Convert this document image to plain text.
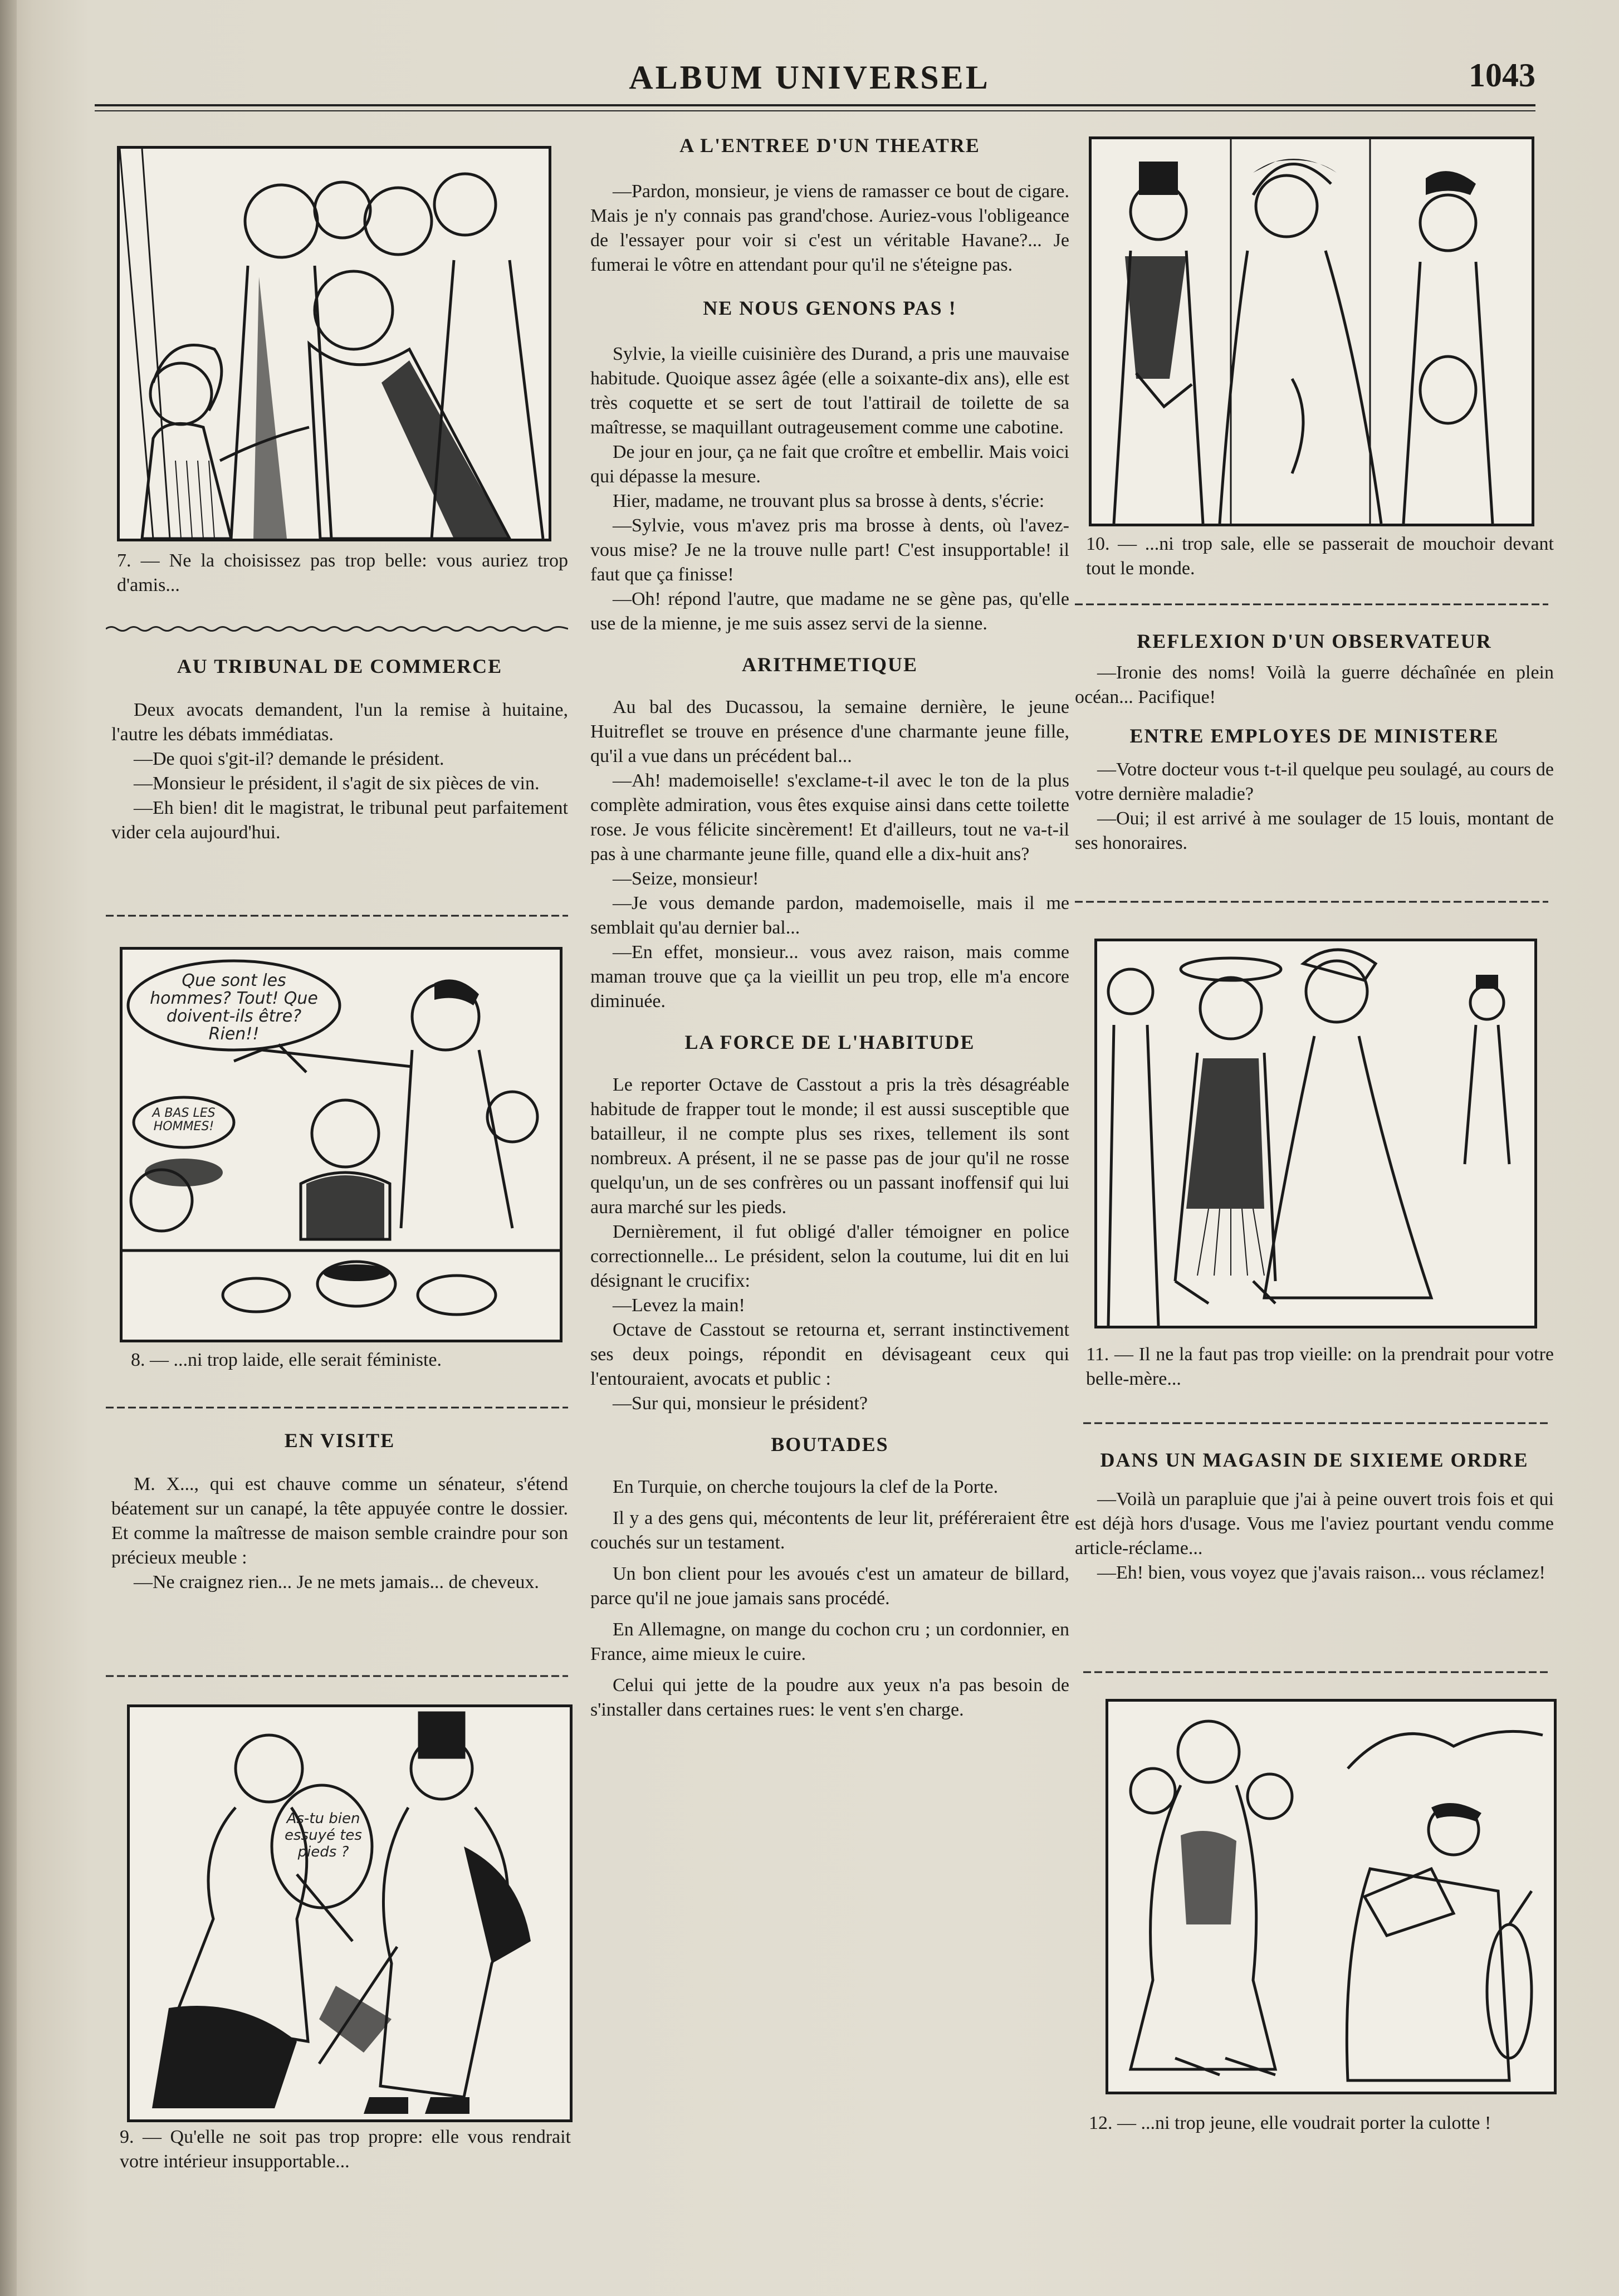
ALBUM UNIVERSEL	1043

7. — Ne la choisissez pas trop belle: vous auriez trop d'amis...

AU TRIBUNAL DE COMMERCE

Deux avocats demandent, l'un la remise à huitaine, l'autre les débats immédiatas.

—De quoi s'git-il? demande le président.

—Monsieur le président, il s'agit de six pièces de vin.

—Eh bien! dit le magistrat, le tribunal peut parfaitement vider cela aujourd'hui.

Que sont les hommes? Tout! Que doivent-ils être? Rien!!
A BAS LES HOMMES!

8. — ...ni trop laide, elle serait féministe.

EN VISITE

M. X..., qui est chauve comme un sénateur, s'étend béatement sur un canapé, la tête appuyée contre le dossier. Et comme la maîtresse de maison semble craindre pour son précieux meuble :

—Ne craignez rien... Je ne mets jamais... de cheveux.

As-tu bien essuyé tes pieds ?

9. — Qu'elle ne soit pas trop propre: elle vous rendrait votre intérieur insupportable...

A L'ENTREE D'UN THEATRE

—Pardon, monsieur, je viens de ramasser ce bout de cigare. Mais je n'y connais pas grand'chose. Auriez-vous l'obligeance de l'essayer pour voir si c'est un véritable Havane?... Je fumerai le vôtre en attendant pour qu'il ne s'éteigne pas.

NE NOUS GENONS PAS !

Sylvie, la vieille cuisinière des Durand, a pris une mauvaise habitude. Quoique assez âgée (elle a soixante-dix ans), elle est très coquette et se sert de tout l'attirail de toilette de sa maîtresse, se maquillant outrageusement comme une cabotine.

De jour en jour, ça ne fait que croître et embellir. Mais voici qui dépasse la mesure.

Hier, madame, ne trouvant plus sa brosse à dents, s'écrie:

—Sylvie, vous m'avez pris ma brosse à dents, où l'avez-vous mise? Je ne la trouve nulle part! C'est insupportable! il faut que ça finisse!

—Oh! répond l'autre, que madame ne se gène pas, qu'elle use de la mienne, je me suis assez servi de la sienne.

ARITHMETIQUE

Au bal des Ducassou, la semaine dernière, le jeune Huitreflet se trouve en présence d'une charmante jeune fille, qu'il a vue dans un précédent bal...

—Ah! mademoiselle! s'exclame-t-il avec le ton de la plus complète admiration, vous êtes exquise ainsi dans cette toilette rose. Je vous félicite sincèrement! Et d'ailleurs, tout ne va-t-il pas à une charmante jeune fille, quand elle a dix-huit ans?

—Seize, monsieur!

—Je vous demande pardon, mademoiselle, mais il me semblait qu'au dernier bal...

—En effet, monsieur... vous avez raison, mais comme maman trouve que ça la vieillit un peu trop, elle m'a encore diminuée.

LA FORCE DE L'HABITUDE

Le reporter Octave de Casstout a pris la très désagréable habitude de frapper tout le monde; il est aussi susceptible que batailleur, il ne compte plus ses rixes, tellement ils sont nombreux. A présent, il ne se passe pas de jour qu'il ne rosse quelqu'un, un de ses confrères ou un passant inoffensif qui lui aura marché sur les pieds.

Dernièrement, il fut obligé d'aller témoigner en police correctionnelle... Le président, selon la coutume, lui dit en lui désignant le crucifix:

—Levez la main!

Octave de Casstout se retourna et, serrant instinctivement ses deux poings, répondit en dévisageant ceux qui l'entouraient, avocats et public :

—Sur qui, monsieur le président?

BOUTADES

En Turquie, on cherche toujours la clef de la Porte.

Il y a des gens qui, mécontents de leur lit, préféreraient être couchés sur un testament.

Un bon client pour les avoués c'est un amateur de billard, parce qu'il ne joue jamais sans procédé.

En Allemagne, on mange du cochon cru ; un cordonnier, en France, aime mieux le cuire.

Celui qui jette de la poudre aux yeux n'a pas besoin de s'installer dans certaines rues: le vent s'en charge.

10. — ...ni trop sale, elle se passerait de mouchoir devant tout le monde.

REFLEXION D'UN OBSERVATEUR

—Ironie des noms! Voilà la guerre déchaînée en plein océan... Pacifique!

ENTRE EMPLOYES DE MINISTERE

—Votre docteur vous t-t-il quelque peu soulagé, au cours de votre dernière maladie?

—Oui; il est arrivé à me soulager de 15 louis, montant de ses honoraires.

11. — Il ne la faut pas trop vieille: on la prendrait pour votre belle-mère...

DANS UN MAGASIN DE SIXIEME ORDRE

—Voilà un parapluie que j'ai à peine ouvert trois fois et qui est déjà hors d'usage. Vous me l'aviez pourtant vendu comme article-réclame...

—Eh! bien, vous voyez que j'avais raison... vous réclamez!

12. — ...ni trop jeune, elle voudrait porter la culotte !
